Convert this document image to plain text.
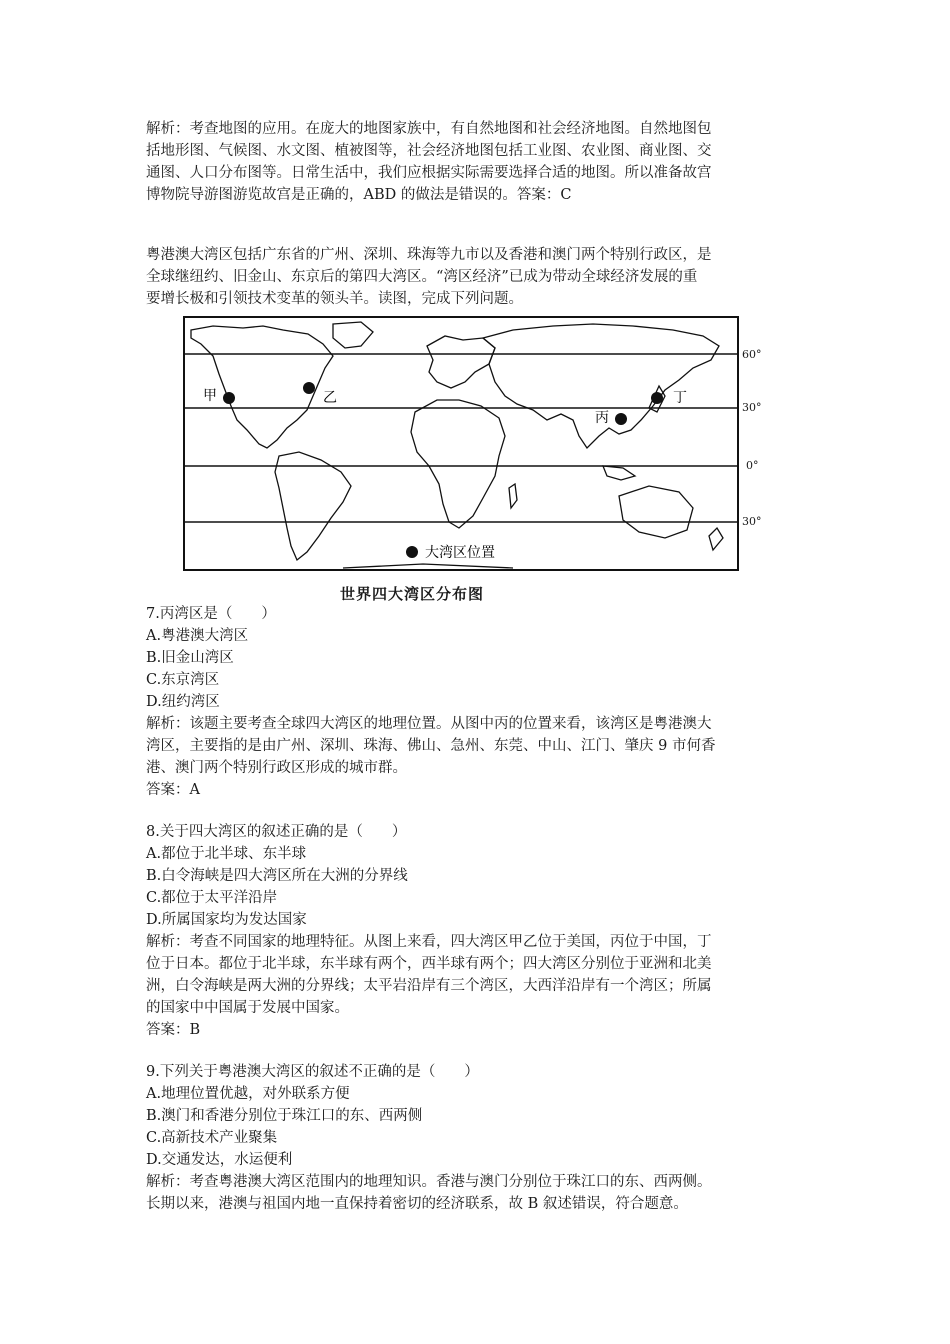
解析：考查地图的应用。在庞大的地图家族中，有自然地图和社会经济地图。自然地图包
括地形图、气候图、水文图、植被图等，社会经济地图包括工业图、农业图、商业图、交
通图、人口分布图等。日常生活中，我们应根据实际需要选择合适的地图。所以准备故宫
博物院导游图游览故宫是正确的，ABD 的做法是错误的。答案：C
粤港澳大湾区包括广东省的广州、深圳、珠海等九市以及香港和澳门两个特别行政区，是
全球继纽约、旧金山、东京后的第四大湾区。“湾区经济”已成为带动全球经济发展的重
要增长极和引领技术变革的领头羊。读图，完成下列问题。
甲	乙
丙
丁
大湾区位置
60°
30°
0°
30°
世界四大湾区分布图
7.丙湾区是（　　）
A.粤港澳大湾区
B.旧金山湾区
C.东京湾区
D.纽约湾区
解析：该题主要考查全球四大湾区的地理位置。从图中丙的位置来看，该湾区是粤港澳大
湾区，主要指的是由广州、深圳、珠海、佛山、急州、东莞、中山、江门、肇庆 9 市何香
港、澳门两个特别行政区形成的城市群。
答案：A
8.关于四大湾区的叙述正确的是（　　）
A.都位于北半球、东半球
B.白令海峡是四大湾区所在大洲的分界线
C.都位于太平洋沿岸
D.所属国家均为发达国家
解析：考查不同国家的地理特征。从图上来看，四大湾区甲乙位于美国，丙位于中国，丁
位于日本。都位于北半球，东半球有两个，西半球有两个；四大湾区分别位于亚洲和北美
洲，白令海峡是两大洲的分界线；太平岩沿岸有三个湾区，大西洋沿岸有一个湾区；所属
的国家中中国属于发展中国家。
答案：B
9.下列关于粤港澳大湾区的叙述不正确的是（　　）
A.地理位置优越，对外联系方便
B.澳门和香港分别位于珠江口的东、西两侧
C.高新技术产业聚集
D.交通发达，水运便利
解析：考查粤港澳大湾区范围内的地理知识。香港与澳门分别位于珠江口的东、西两侧。
长期以来，港澳与祖国内地一直保持着密切的经济联系，故 B 叙述错误，符合题意。
